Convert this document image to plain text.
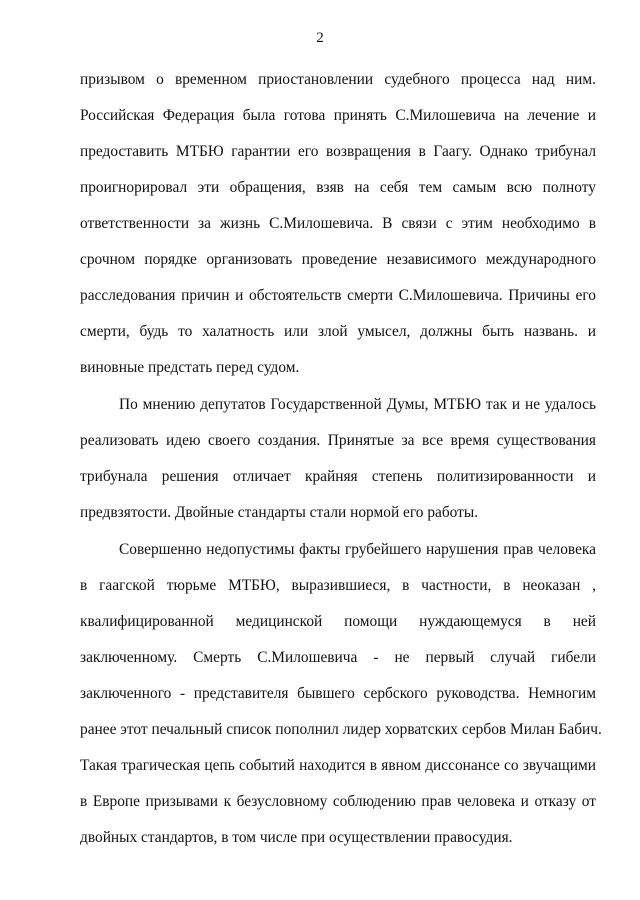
2
призывом о временном приостановлении судебного процесса над ним.
Российская Федерация была готова принять С.Милошевича на лечение и
предоставить МТБЮ гарантии его возвращения в Гаагу. Однако трибунал
проигнорировал эти обращения, взяв на себя тем самым всю полноту
ответственности за жизнь С.Милошевича. В связи с этим необходимо в
срочном порядке организовать проведение независимого международного
расследования причин и обстоятельств смерти С.Милошевича. Причины его
смерти, будь то халатность или злой умысел, должны быть названь. и
виновные предстать перед судом.
По мнению депутатов Государственной Думы, МТБЮ так и не удалось
реализовать идею своего создания. Принятые за все время существования
трибунала решения отличает крайняя степень политизированности и
предвзятости. Двойные стандарты стали нормой его работы.
Совершенно недопустимы факты грубейшего нарушения прав человека
в гаагской тюрьме МТБЮ, выразившиеся, в частности, в неоказан ,
квалифицированной медицинской помощи нуждающемуся в ней
заключенному. Смерть С.Милошевича - не первый случай гибели
заключенного - представителя бывшего сербского руководства. Немногим
ранее этот печальный список пополнил лидер хорватских сербов Милан Бабич.
Такая трагическая цепь событий находится в явном диссонансе со звучащими
в Европе призывами к безусловному соблюдению прав человека и отказу от
двойных стандартов, в том числе при осуществлении правосудия.
